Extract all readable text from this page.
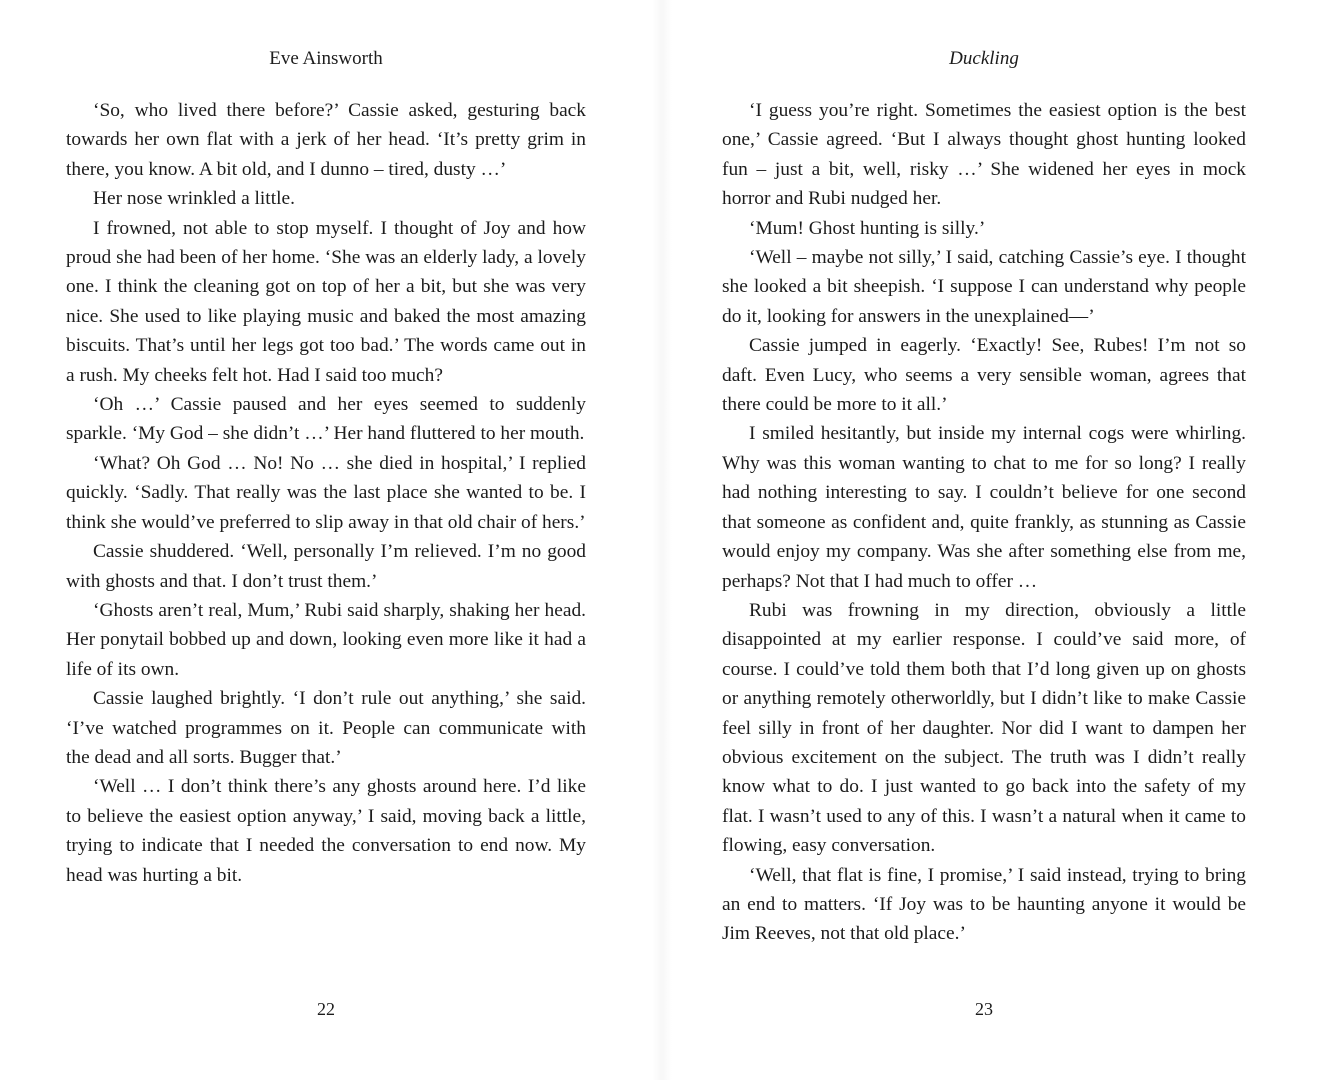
Eve Ainsworth

‘So, who lived there before?’ Cassie asked, gesturing back towards her own flat with a jerk of her head. ‘It’s pretty grim in there, you know. A bit old, and I dunno – tired, dusty …’

Her nose wrinkled a little.

I frowned, not able to stop myself. I thought of Joy and how proud she had been of her home. ‘She was an elderly lady, a lovely one. I think the cleaning got on top of her a bit, but she was very nice. She used to like playing music and baked the most amazing biscuits. That’s until her legs got too bad.’ The words came out in a rush. My cheeks felt hot. Had I said too much?

‘Oh …’ Cassie paused and her eyes seemed to suddenly sparkle. ‘My God – she didn’t …’ Her hand fluttered to her mouth.

‘What? Oh God … No! No … she died in hospital,’ I replied quickly. ‘Sadly. That really was the last place she wanted to be. I think she would’ve preferred to slip away in that old chair of hers.’

Cassie shuddered. ‘Well, personally I’m relieved. I’m no good with ghosts and that. I don’t trust them.’

‘Ghosts aren’t real, Mum,’ Rubi said sharply, shaking her head. Her ponytail bobbed up and down, looking even more like it had a life of its own.

Cassie laughed brightly. ‘I don’t rule out anything,’ she said. ‘I’ve watched programmes on it. People can communicate with the dead and all sorts. Bugger that.’

‘Well … I don’t think there’s any ghosts around here. I’d like to believe the easiest option anyway,’ I said, moving back a little, trying to indicate that I needed the conversation to end now. My head was hurting a bit.

22
Duckling

‘I guess you’re right. Sometimes the easiest option is the best one,’ Cassie agreed. ‘But I always thought ghost hunting looked fun – just a bit, well, risky …’ She widened her eyes in mock horror and Rubi nudged her.

‘Mum! Ghost hunting is silly.’

‘Well – maybe not silly,’ I said, catching Cassie’s eye. I thought she looked a bit sheepish. ‘I suppose I can understand why people do it, looking for answers in the unexplained—’

Cassie jumped in eagerly. ‘Exactly! See, Rubes! I’m not so daft. Even Lucy, who seems a very sensible woman, agrees that there could be more to it all.’

I smiled hesitantly, but inside my internal cogs were whirling. Why was this woman wanting to chat to me for so long? I really had nothing interesting to say. I couldn’t believe for one second that someone as confident and, quite frankly, as stunning as Cassie would enjoy my company. Was she after something else from me, perhaps? Not that I had much to offer …

Rubi was frowning in my direction, obviously a little disappointed at my earlier response. I could’ve said more, of course. I could’ve told them both that I’d long given up on ghosts or anything remotely otherworldly, but I didn’t like to make Cassie feel silly in front of her daughter. Nor did I want to dampen her obvious excitement on the subject. The truth was I didn’t really know what to do. I just wanted to go back into the safety of my flat. I wasn’t used to any of this. I wasn’t a natural when it came to flowing, easy conversation.

‘Well, that flat is fine, I promise,’ I said instead, trying to bring an end to matters. ‘If Joy was to be haunting anyone it would be Jim Reeves, not that old place.’

23
